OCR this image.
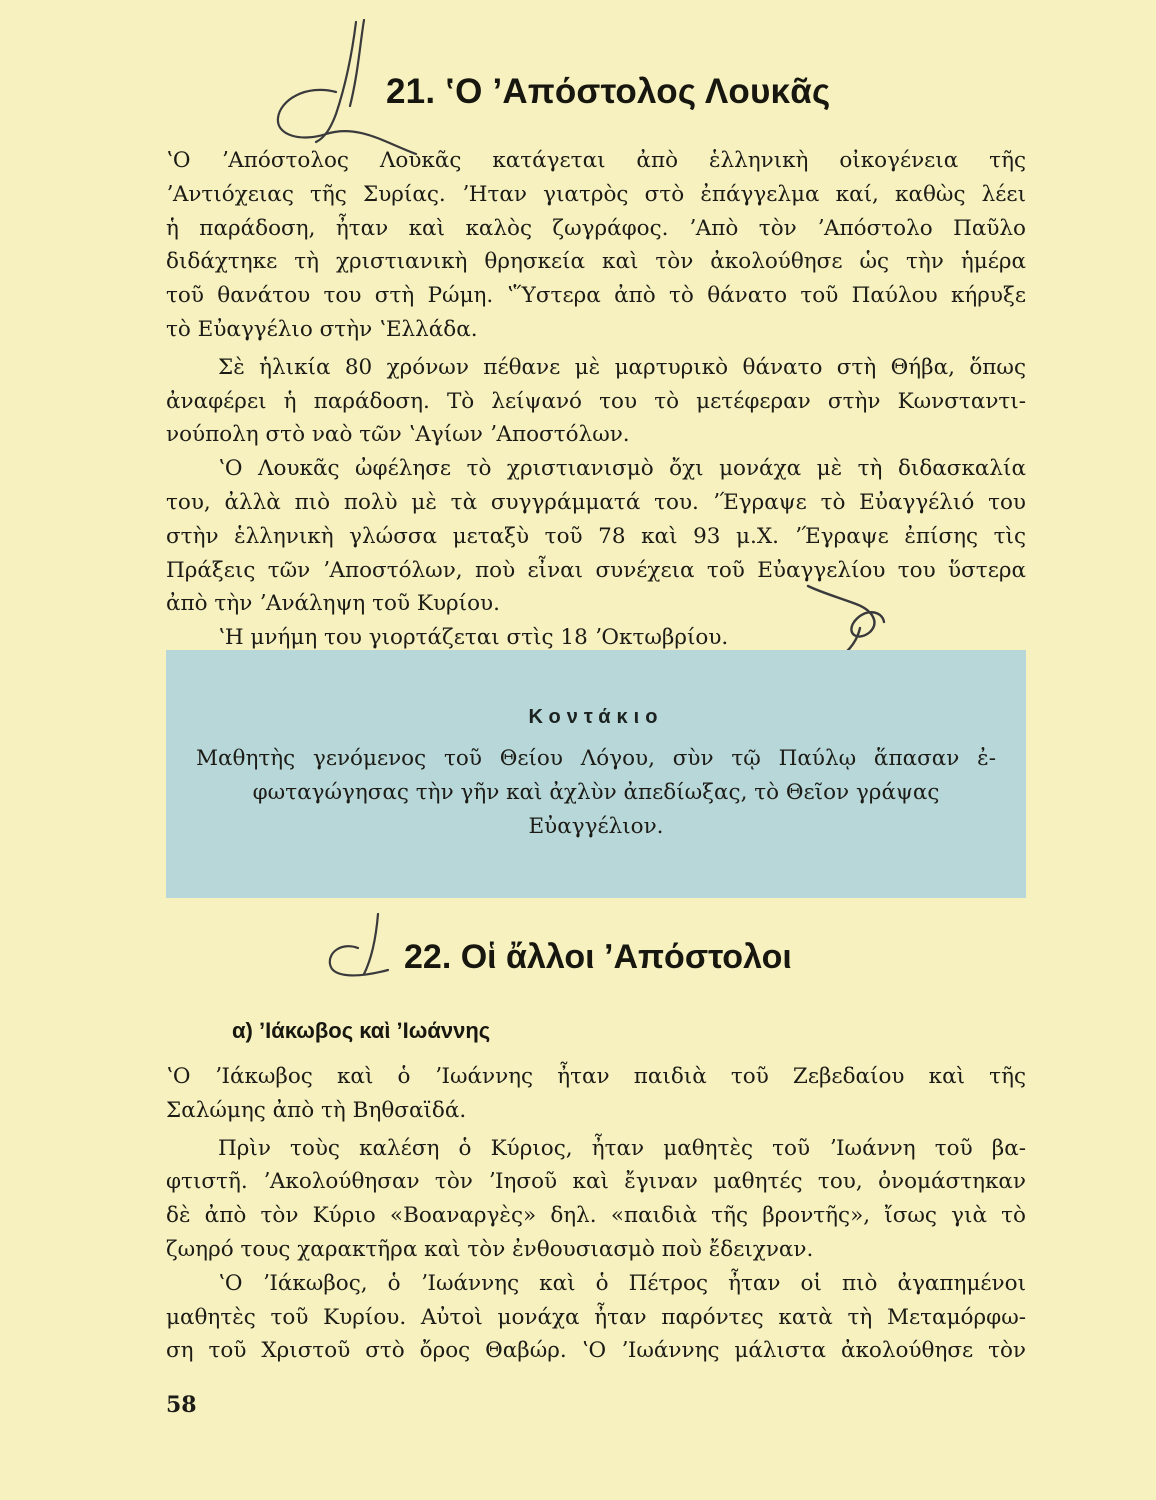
21. ʽΟ ʼΑπόστολος Λουκᾶς
ʽΟ ʼΑπόστολος Λουκᾶς κατάγεται ἀπὸ ἑλληνικὴ οἰκογένεια τῆς
ʼΑντιόχειας τῆς Συρίας. ʼΗταν γιατρὸς στὸ ἐπάγγελμα καί, καθὼς λέει
ἡ παράδοση, ἦταν καὶ καλὸς ζωγράφος. ʼΑπὸ τὸν ʼΑπόστολο Παῦλο
διδάχτηκε τὴ χριστιανικὴ θρησκεία καὶ τὸν ἀκολούθησε ὡς τὴν ἡμέρα
τοῦ θανάτου του στὴ Ρώμη. ʽὝστερα ἀπὸ τὸ θάνατο τοῦ Παύλου κήρυξε
τὸ Εὐαγγέλιο στὴν ʽΕλλάδα.
Σὲ ἡλικία 80 χρόνων πέθανε μὲ μαρτυρικὸ θάνατο στὴ Θήβα, ὅπως
ἀναφέρει ἡ παράδοση. Τὸ λείψανό του τὸ μετέφεραν στὴν Κωνσταντι-
νούπολη στὸ ναὸ τῶν ʽΑγίων ʼΑποστόλων.
ʽΟ Λουκᾶς ὠφέλησε τὸ χριστιανισμὸ ὄχι μονάχα μὲ τὴ διδασκαλία
του, ἀλλὰ πιὸ πολὺ μὲ τὰ συγγράμματά του. ʼΈγραψε τὸ Εὐαγγέλιό του
στὴν ἑλληνικὴ γλώσσα μεταξὺ τοῦ 78 καὶ 93 μ.Χ. ʼΈγραψε ἐπίσης τὶς
Πράξεις τῶν ʼΑποστόλων, ποὺ εἶναι συνέχεια τοῦ Εὐαγγελίου του ὕστερα
ἀπὸ τὴν ʼΑνάληψη τοῦ Κυρίου.
ʽΗ μνήμη του γιορτάζεται στὶς 18 ʼΟκτωβρίου.
Κοντάκιο
Μαθητὴς γενόμενος τοῦ Θείου Λόγου, σὺν τῷ Παύλῳ ἅπασαν ἐ-
φωταγώγησας τὴν γῆν καὶ ἀχλὺν ἀπεδίωξας, τὸ Θεῖον γράψας
Εὐαγγέλιον.
22. Οἱ ἄλλοι ʼΑπόστολοι
α) ʼΙάκωβος καὶ ʼΙωάννης
ʽΟ ʼΙάκωβος καὶ ὁ ʼΙωάννης ἦταν παιδιὰ τοῦ Ζεβεδαίου καὶ τῆς
Σαλώμης ἀπὸ τὴ Βηθσαϊδά.
Πρὶν τοὺς καλέση ὁ Κύριος, ἦταν μαθητὲς τοῦ ʼΙωάννη τοῦ βα-
φτιστῆ. ʼΑκολούθησαν τὸν ʼΙησοῦ καὶ ἔγιναν μαθητές του, ὀνομάστηκαν
δὲ ἀπὸ τὸν Κύριο «Βοαναργὲς» δηλ. «παιδιὰ τῆς βροντῆς», ἴσως γιὰ τὸ
ζωηρό τους χαρακτῆρα καὶ τὸν ἐνθουσιασμὸ ποὺ ἔδειχναν.
ʽΟ ʼΙάκωβος, ὁ ʼΙωάννης καὶ ὁ Πέτρος ἦταν οἱ πιὸ ἀγαπημένοι
μαθητὲς τοῦ Κυρίου. Αὐτοὶ μονάχα ἦταν παρόντες κατὰ τὴ Μεταμόρφω-
ση τοῦ Χριστοῦ στὸ ὄρος Θαβώρ. ʽΟ ʼΙωάννης μάλιστα ἀκολούθησε τὸν
58
